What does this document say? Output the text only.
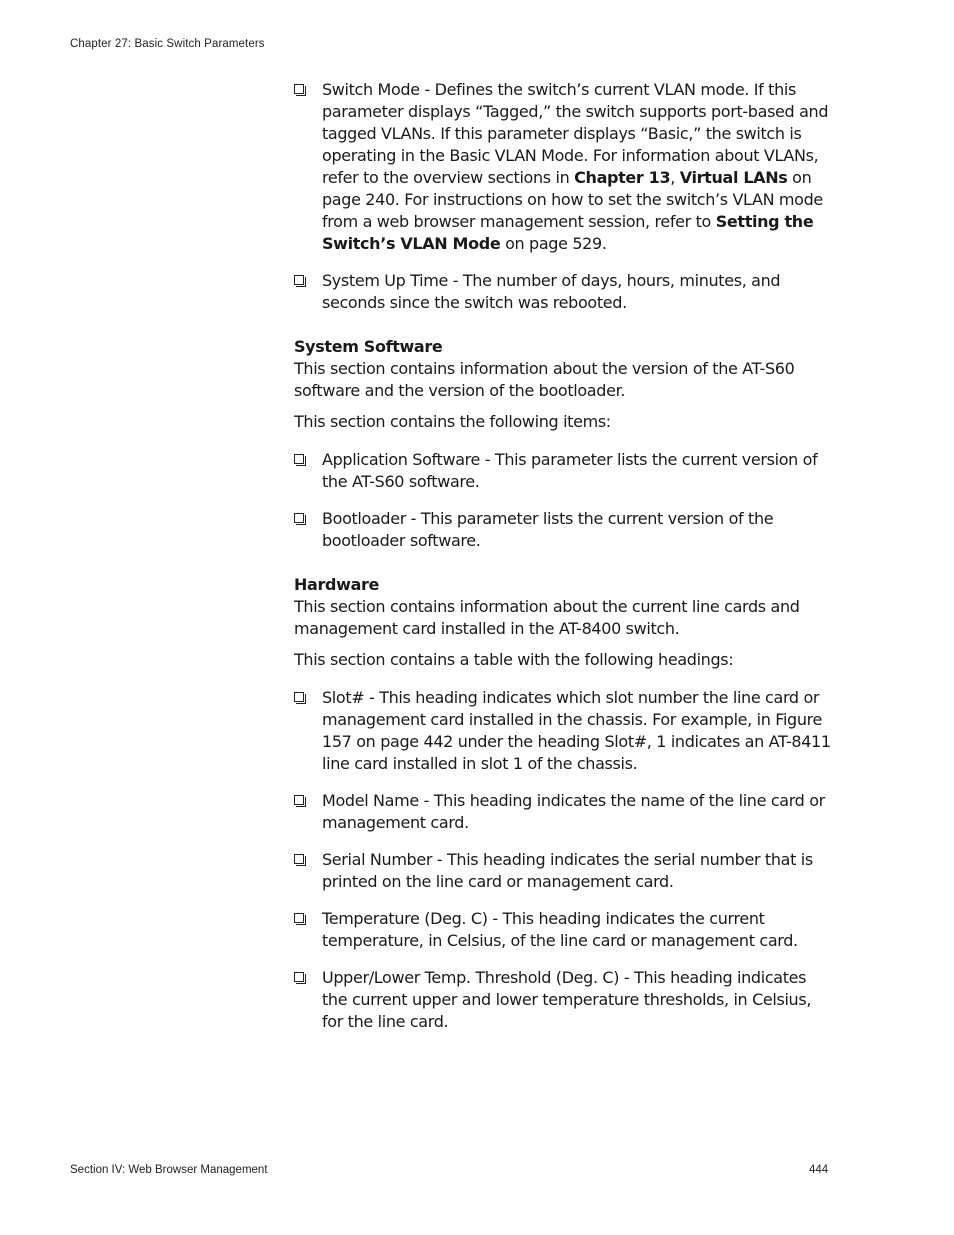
Chapter 27: Basic Switch Parameters
Switch Mode - Defines the switch’s current VLAN mode. If this parameter displays “Tagged,” the switch supports port-based and tagged VLANs. If this parameter displays “Basic,” the switch is operating in the Basic VLAN Mode. For information about VLANs, refer to the overview sections in Chapter 13, Virtual LANs on page 240. For instructions on how to set the switch’s VLAN mode from a web browser management session, refer to Setting the Switch’s VLAN Mode on page 529.
System Up Time - The number of days, hours, minutes, and seconds since the switch was rebooted.
System Software
This section contains information about the version of the AT-S60 software and the version of the bootloader.
This section contains the following items:
Application Software - This parameter lists the current version of the AT-S60 software.
Bootloader - This parameter lists the current version of the bootloader software.
Hardware
This section contains information about the current line cards and management card installed in the AT-8400 switch.
This section contains a table with the following headings:
Slot# - This heading indicates which slot number the line card or management card installed in the chassis. For example, in Figure 157 on page 442 under the heading Slot#, 1 indicates an AT-8411 line card installed in slot 1 of the chassis.
Model Name - This heading indicates the name of the line card or management card.
Serial Number - This heading indicates the serial number that is printed on the line card or management card.
Temperature (Deg. C) - This heading indicates the current temperature, in Celsius, of the line card or management card.
Upper/Lower Temp. Threshold (Deg. C) - This heading indicates the current upper and lower temperature thresholds, in Celsius, for the line card.
Section IV: Web Browser Management	444
